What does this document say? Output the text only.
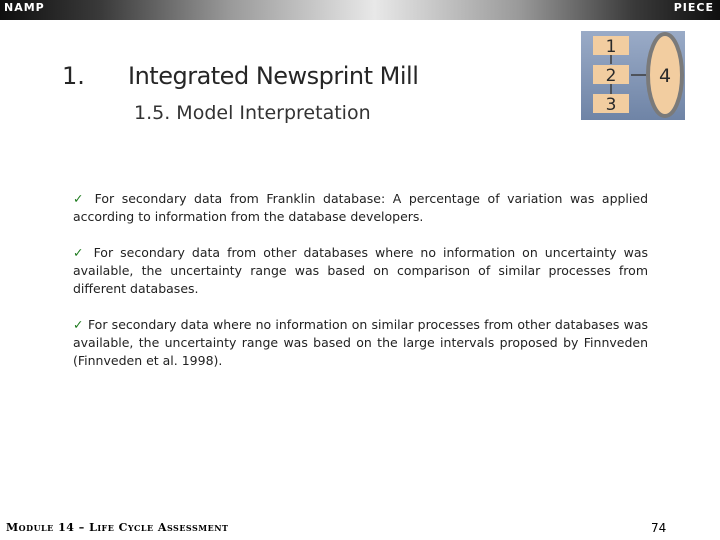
NAMP	PIECE
1. Integrated Newsprint Mill
1.5. Model Interpretation
1
2
3
4

✓ For secondary data from Franklin database: A percentage of variation was applied according to information from the database developers.

✓ For secondary data from other databases where no information on uncertainty was available, the uncertainty range was based on comparison of similar processes from different databases.

✓ For secondary data where no information on similar processes from other databases was available, the uncertainty range was based on the large intervals proposed by Finnveden (Finnveden et al. 1998).

Module 14 – Life Cycle Assessment	74
